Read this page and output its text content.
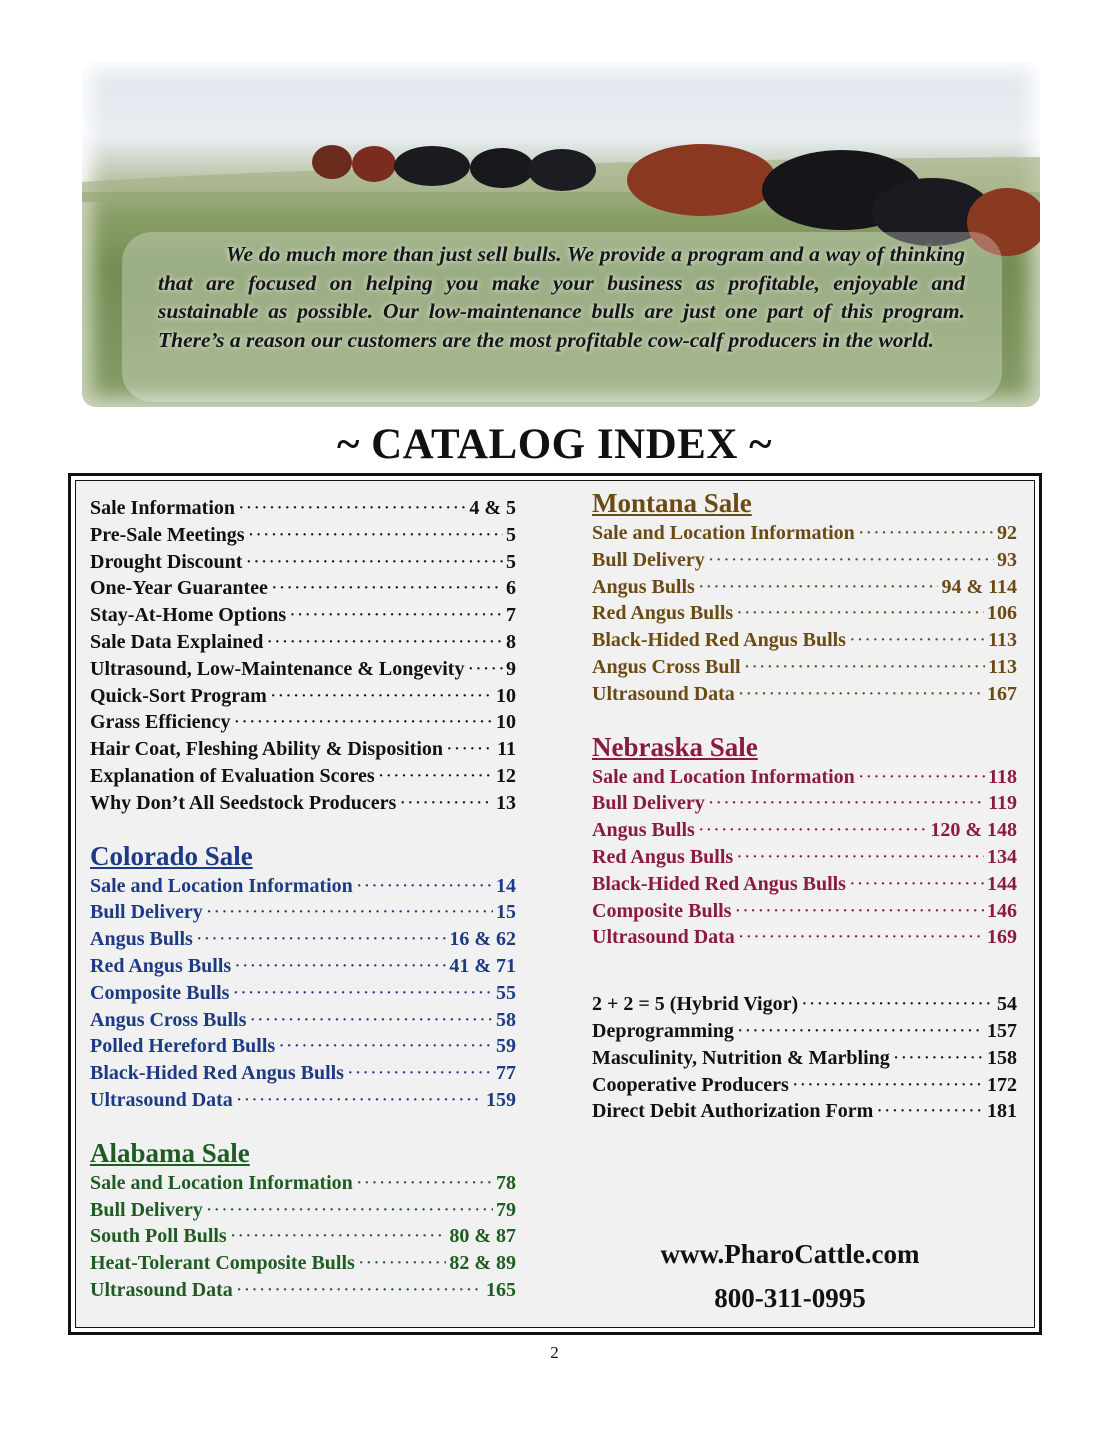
We do much more than just sell bulls. We provide a program and a way of thinking that are focused on helping you make your business as profitable, enjoyable and sustainable as possible. Our low-maintenance bulls are just one part of this program. There’s a reason our customers are the most profitable cow-calf producers in the world.
~ CATALOG INDEX ~
Sale Information ·····	4 & 5
Pre-Sale Meetings ·····	5
Drought Discount ·····	5
One-Year Guarantee ·····	6
Stay-At-Home Options ·····	7
Sale Data Explained ·····	8
Ultrasound, Low-Maintenance & Longevity ····· 9
Quick-Sort Program ·····	10
Grass Efficiency ·····	10
Hair Coat, Fleshing Ability & Disposition ·····	11
Explanation of Evaluation Scores ·····	12
Why Don’t All Seedstock Producers ·····	13
Colorado Sale
Sale and Location Information ·····	14
Bull Delivery ·····	15
Angus Bulls ·····	16 & 62
Red Angus Bulls ·····	41 & 71
Composite Bulls ·····	55
Angus Cross Bulls ·····	58
Polled Hereford Bulls ·····	59
Black-Hided Red Angus Bulls ·····	77
Ultrasound Data ·····	159
Alabama Sale
Sale and Location Information ·····	78
Bull Delivery ·····	79
South Poll Bulls ·····	80 & 87
Heat-Tolerant Composite Bulls ·····	82 & 89
Ultrasound Data ·····	165
Montana Sale
Sale and Location Information ·····	92
Bull Delivery ·····	93
Angus Bulls ·····	94 & 114
Red Angus Bulls ·····	106
Black-Hided Red Angus Bulls ·····	113
Angus Cross Bull ·····	113
Ultrasound Data ·····	167
Nebraska Sale
Sale and Location Information ·····	118
Bull Delivery ·····	119
Angus Bulls ·····	120 & 148
Red Angus Bulls ·····	134
Black-Hided Red Angus Bulls ·····	144
Composite Bulls ·····	146
Ultrasound Data ·····	169
2 + 2 = 5 (Hybrid Vigor) ·····	54
Deprogramming ·····	157
Masculinity, Nutrition & Marbling ·····	158
Cooperative Producers ·····	172
Direct Debit Authorization Form ·····	181
www.PharoCattle.com
800-311-0995
2
